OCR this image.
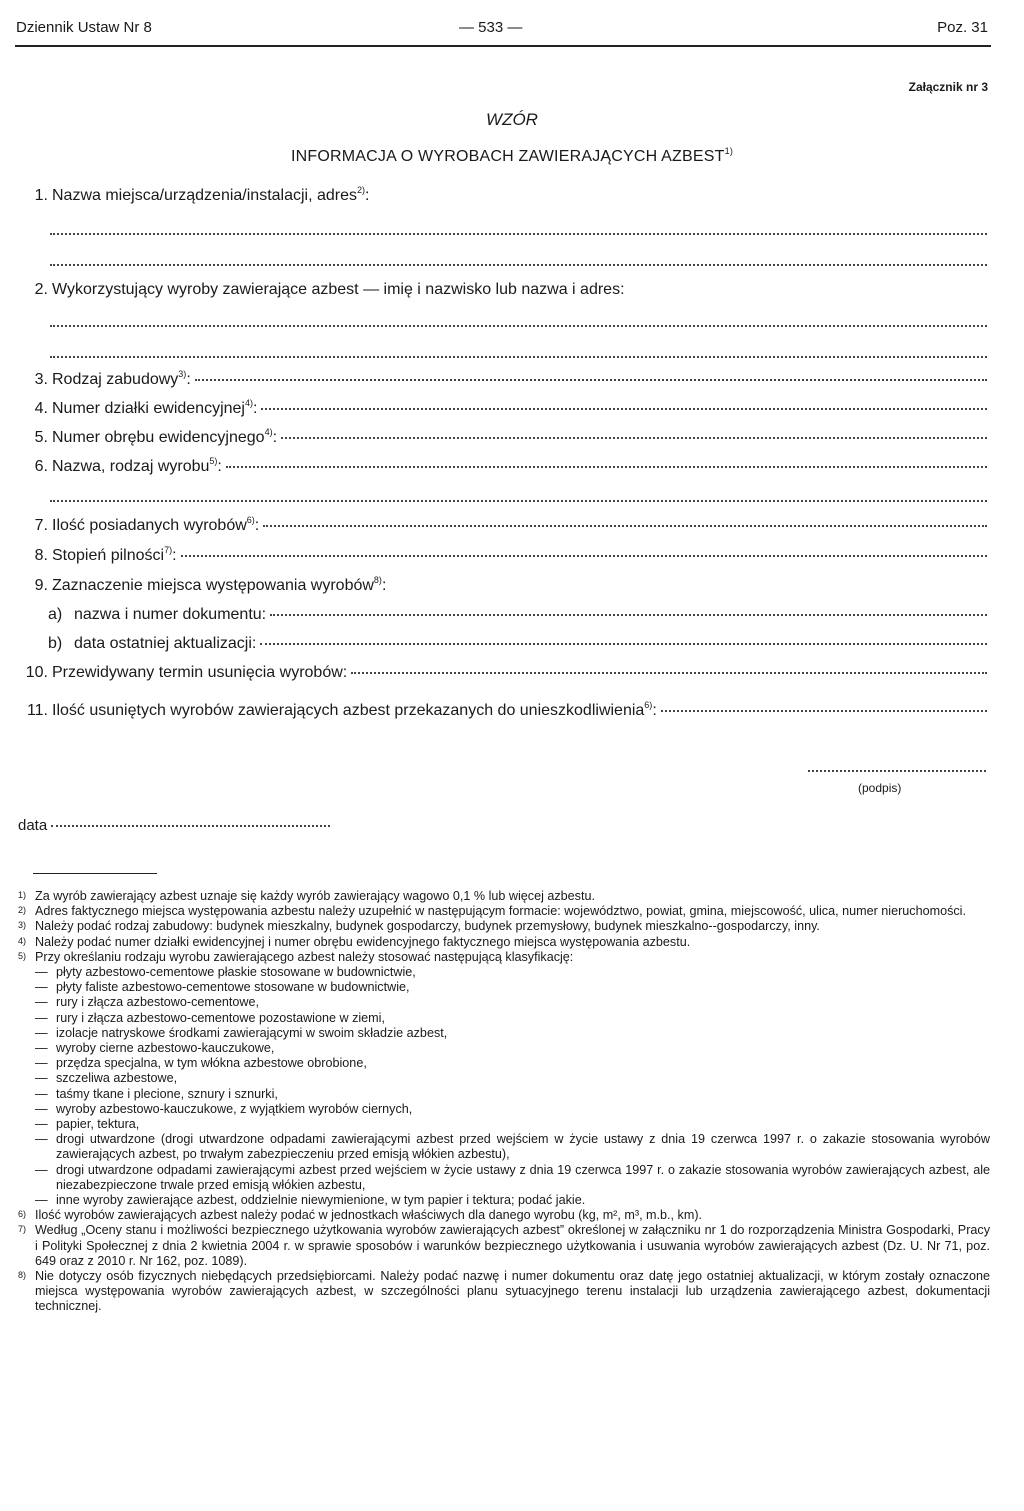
Dziennik Ustaw Nr 8	— 533 —	Poz. 31
Załącznik nr 3
WZÓR
INFORMACJA O WYROBACH ZAWIERAJĄCYCH AZBEST$^{1)}$
1. Nazwa miejsca/urządzenia/instalacji, adres$^{2)}$:
2. Wykorzystujący wyroby zawierające azbest — imię i nazwisko lub nazwa i adres:
3. Rodzaj zabudowy$^{3)}$:
4. Numer działki ewidencyjnej$^{4)}$:
5. Numer obrębu ewidencyjnego$^{4)}$:
6. Nazwa, rodzaj wyrobu$^{5)}$:
7. Ilość posiadanych wyrobów$^{6)}$:
8. Stopień pilności$^{7)}$:
9. Zaznaczenie miejsca występowania wyrobów$^{8)}$:
a) nazwa i numer dokumentu:
b) data ostatniej aktualizacji:
10. Przewidywany termin usunięcia wyrobów:
11. Ilość usuniętych wyrobów zawierających azbest przekazanych do unieszkodliwienia$^{6)}$:
(podpis)
data
1) Za wyrób zawierający azbest uznaje się każdy wyrób zawierający wagowo 0,1 % lub więcej azbestu.
2) Adres faktycznego miejsca występowania azbestu należy uzupełnić w następującym formacie: województwo, powiat, gmina, miejscowość, ulica, numer nieruchomości.
3) Należy podać rodzaj zabudowy: budynek mieszkalny, budynek gospodarczy, budynek przemysłowy, budynek mieszkalno--gospodarczy, inny.
4) Należy podać numer działki ewidencyjnej i numer obrębu ewidencyjnego faktycznego miejsca występowania azbestu.
5) Przy określaniu rodzaju wyrobu zawierającego azbest należy stosować następującą klasyfikację:
— płyty azbestowo-cementowe płaskie stosowane w budownictwie,
— płyty faliste azbestowo-cementowe stosowane w budownictwie,
— rury i złącza azbestowo-cementowe,
— rury i złącza azbestowo-cementowe pozostawione w ziemi,
— izolacje natryskowe środkami zawierającymi w swoim składzie azbest,
— wyroby cierne azbestowo-kauczukowe,
— przędza specjalna, w tym włókna azbestowe obrobione,
— szczeliwa azbestowe,
— taśmy tkane i plecione, sznury i sznurki,
— wyroby azbestowo-kauczukowe, z wyjątkiem wyrobów ciernych,
— papier, tektura,
— drogi utwardzone (drogi utwardzone odpadami zawierającymi azbest przed wejściem w życie ustawy z dnia 19 czerwca 1997 r. o zakazie stosowania wyrobów zawierających azbest, po trwałym zabezpieczeniu przed emisją włókien azbestu),
— drogi utwardzone odpadami zawierającymi azbest przed wejściem w życie ustawy z dnia 19 czerwca 1997 r. o zakazie stosowania wyrobów zawierających azbest, ale niezabezpieczone trwale przed emisją włókien azbestu,
— inne wyroby zawierające azbest, oddzielnie niewymienione, w tym papier i tektura; podać jakie.
6) Ilość wyrobów zawierających azbest należy podać w jednostkach właściwych dla danego wyrobu (kg, m², m³, m.b., km).
7) Według „Oceny stanu i możliwości bezpiecznego użytkowania wyrobów zawierających azbest” określonej w załączniku nr 1 do rozporządzenia Ministra Gospodarki, Pracy i Polityki Społecznej z dnia 2 kwietnia 2004 r. w sprawie sposobów i warunków bezpiecznego użytkowania i usuwania wyrobów zawierających azbest (Dz. U. Nr 71, poz. 649 oraz z 2010 r. Nr 162, poz. 1089).
8) Nie dotyczy osób fizycznych niebędących przedsiębiorcami. Należy podać nazwę i numer dokumentu oraz datę jego ostatniej aktualizacji, w którym zostały oznaczone miejsca występowania wyrobów zawierających azbest, w szczególności planu sytuacyjnego terenu instalacji lub urządzenia zawierającego azbest, dokumentacji technicznej.
